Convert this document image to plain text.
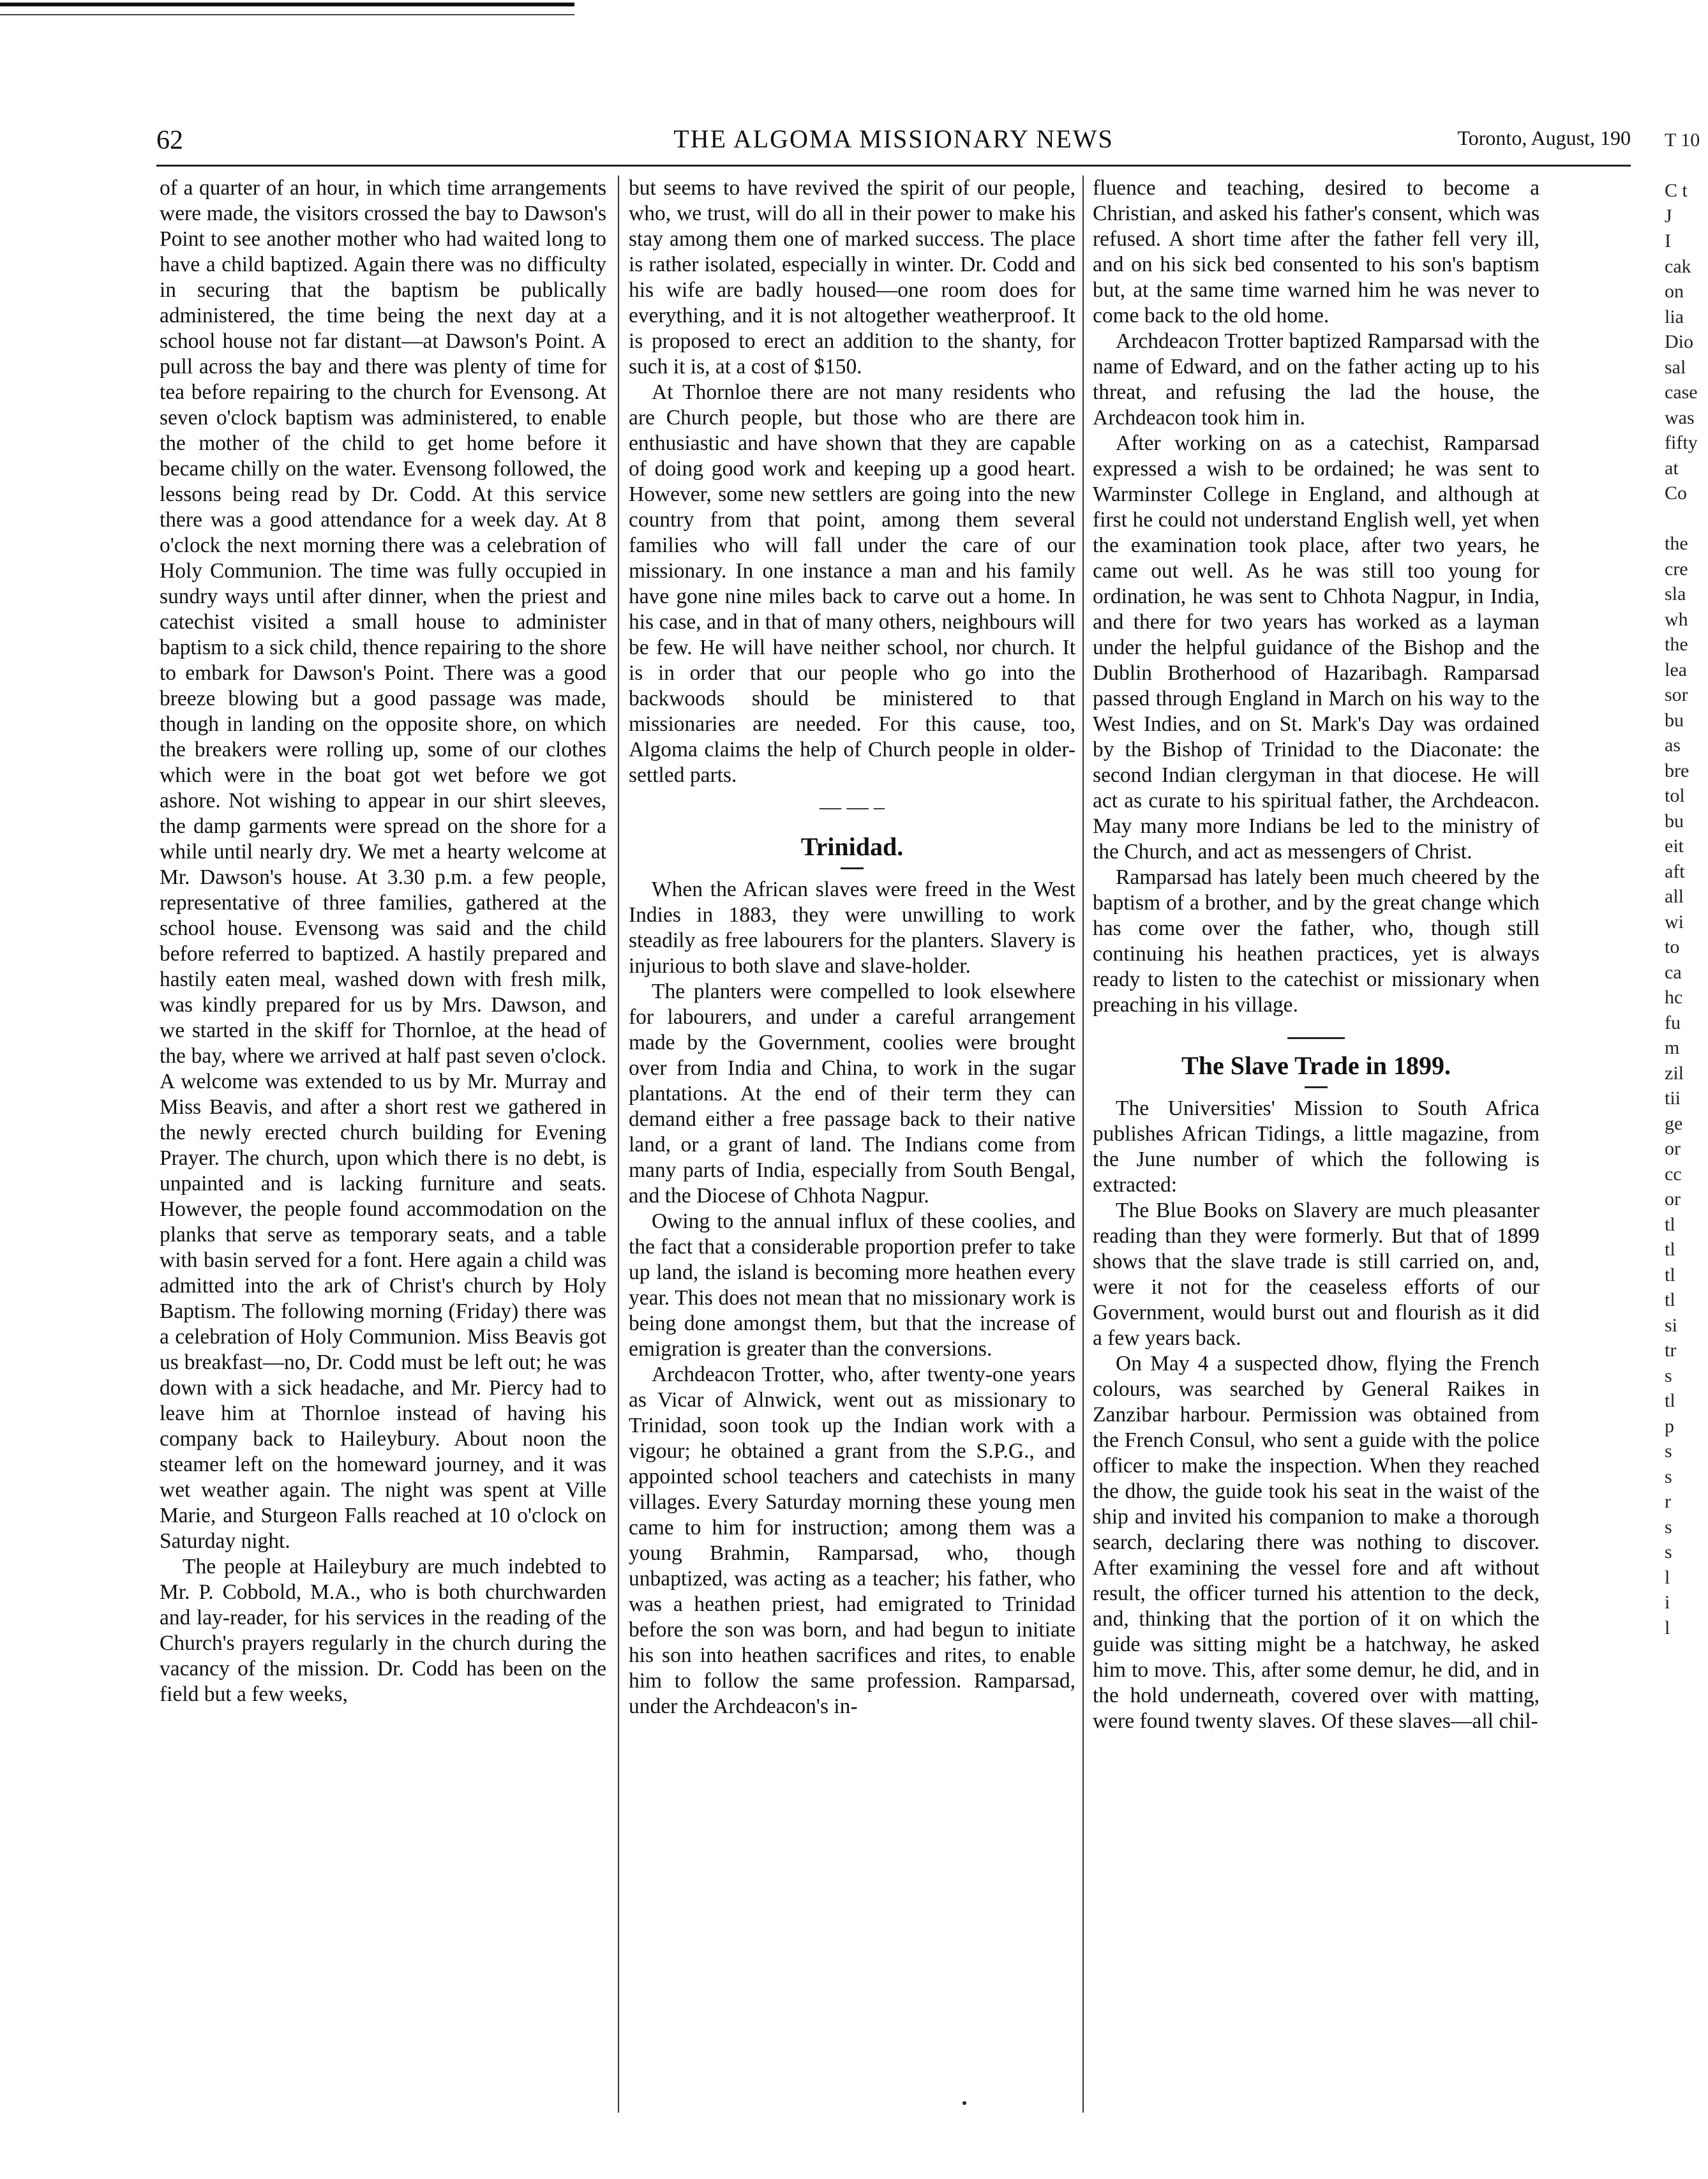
62	THE ALGOMA MISSIONARY NEWS	Toronto, August, 190

of a quarter of an hour, in which time arrangements were made, the visitors crossed the bay to Dawson's Point to see another mother who had waited long to have a child baptized. Again there was no difficulty in securing that the baptism be publically administered, the time being the next day at a school house not far distant—at Dawson's Point. A pull across the bay and there was plenty of time for tea before repairing to the church for Evensong. At seven o'clock baptism was administered, to enable the mother of the child to get home before it became chilly on the water. Evensong followed, the lessons being read by Dr. Codd. At this service there was a good attendance for a week day. At 8 o'clock the next morning there was a celebration of Holy Communion. The time was fully occupied in sundry ways until after dinner, when the priest and catechist visited a small house to administer baptism to a sick child, thence repairing to the shore to embark for Dawson's Point. There was a good breeze blowing but a good passage was made, though in landing on the opposite shore, on which the breakers were rolling up, some of our clothes which were in the boat got wet before we got ashore. Not wishing to appear in our shirt sleeves, the damp garments were spread on the shore for a while until nearly dry. We met a hearty welcome at Mr. Dawson's house. At 3.30 p.m. a few people, representative of three families, gathered at the school house. Evensong was said and the child before referred to baptized. A hastily prepared and hastily eaten meal, washed down with fresh milk, was kindly prepared for us by Mrs. Dawson, and we started in the skiff for Thornloe, at the head of the bay, where we arrived at half past seven o'clock. A welcome was extended to us by Mr. Murray and Miss Beavis, and after a short rest we gathered in the newly erected church building for Evening Prayer. The church, upon which there is no debt, is unpainted and is lacking furniture and seats. However, the people found accommodation on the planks that serve as temporary seats, and a table with basin served for a font. Here again a child was admitted into the ark of Christ's church by Holy Baptism. The following morning (Friday) there was a celebration of Holy Communion. Miss Beavis got us breakfast—no, Dr. Codd must be left out; he was down with a sick headache, and Mr. Piercy had to leave him at Thornloe instead of having his company back to Haileybury. About noon the steamer left on the homeward journey, and it was wet weather again. The night was spent at Ville Marie, and Sturgeon Falls reached at 10 o'clock on Saturday night.

The people at Haileybury are much indebted to Mr. P. Cobbold, M.A., who is both churchwarden and lay-reader, for his services in the reading of the Church's prayers regularly in the church during the vacancy of the mission. Dr. Codd has been on the field but a few weeks,

but seems to have revived the spirit of our people, who, we trust, will do all in their power to make his stay among them one of marked success. The place is rather isolated, especially in winter. Dr. Codd and his wife are badly housed—one room does for everything, and it is not altogether weatherproof. It is proposed to erect an addition to the shanty, for such it is, at a cost of $150.

At Thornloe there are not many residents who are Church people, but those who are there are enthusiastic and have shown that they are capable of doing good work and keeping up a good heart. However, some new settlers are going into the new country from that point, among them several families who will fall under the care of our missionary. In one instance a man and his family have gone nine miles back to carve out a home. In his case, and in that of many others, neighbours will be few. He will have neither school, nor church. It is in order that our people who go into the backwoods should be ministered to that missionaries are needed. For this cause, too, Algoma claims the help of Church people in older-settled parts.

— — –
Trinidad.

When the African slaves were freed in the West Indies in 1883, they were unwilling to work steadily as free labourers for the planters. Slavery is injurious to both slave and slave-holder.

The planters were compelled to look elsewhere for labourers, and under a careful arrangement made by the Government, coolies were brought over from India and China, to work in the sugar plantations. At the end of their term they can demand either a free passage back to their native land, or a grant of land. The Indians come from many parts of India, especially from South Bengal, and the Diocese of Chhota Nagpur.

Owing to the annual influx of these coolies, and the fact that a considerable proportion prefer to take up land, the island is becoming more heathen every year. This does not mean that no missionary work is being done amongst them, but that the increase of emigration is greater than the conversions.

Archdeacon Trotter, who, after twenty-one years as Vicar of Alnwick, went out as missionary to Trinidad, soon took up the Indian work with a vigour; he obtained a grant from the S.P.G., and appointed school teachers and catechists in many villages. Every Saturday morning these young men came to him for instruction; among them was a young Brahmin, Ramparsad, who, though unbaptized, was acting as a teacher; his father, who was a heathen priest, had emigrated to Trinidad before the son was born, and had begun to initiate his son into heathen sacrifices and rites, to enable him to follow the same profession. Ramparsad, under the Archdeacon's in-

fluence and teaching, desired to become a Christian, and asked his father's consent, which was refused. A short time after the father fell very ill, and on his sick bed consented to his son's baptism but, at the same time warned him he was never to come back to the old home.

Archdeacon Trotter baptized Ramparsad with the name of Edward, and on the father acting up to his threat, and refusing the lad the house, the Archdeacon took him in.

After working on as a catechist, Ramparsad expressed a wish to be ordained; he was sent to Warminster College in England, and although at first he could not understand English well, yet when the examination took place, after two years, he came out well. As he was still too young for ordination, he was sent to Chhota Nagpur, in India, and there for two years has worked as a layman under the helpful guidance of the Bishop and the Dublin Brotherhood of Hazaribagh. Ramparsad passed through England in March on his way to the West Indies, and on St. Mark's Day was ordained by the Bishop of Trinidad to the Diaconate: the second Indian clergyman in that diocese. He will act as curate to his spiritual father, the Archdeacon. May many more Indians be led to the ministry of the Church, and act as messengers of Christ.

Ramparsad has lately been much cheered by the baptism of a brother, and by the great change which has come over the father, who, though still continuing his heathen practices, yet is always ready to listen to the catechist or missionary when preaching in his village.

The Slave Trade in 1899.

The Universities' Mission to South Africa publishes African Tidings, a little magazine, from the June number of which the following is extracted:

The Blue Books on Slavery are much pleasanter reading than they were formerly. But that of 1899 shows that the slave trade is still carried on, and, were it not for the ceaseless efforts of our Government, would burst out and flourish as it did a few years back.

On May 4 a suspected dhow, flying the French colours, was searched by General Raikes in Zanzibar harbour. Permission was obtained from the French Consul, who sent a guide with the police officer to make the inspection. When they reached the dhow, the guide took his seat in the waist of the ship and invited his companion to make a thorough search, declaring there was nothing to discover. After examining the vessel fore and aft without result, the officer turned his attention to the deck, and, thinking that the portion of it on which the guide was sitting might be a hatchway, he asked him to move. This, after some demur, he did, and in the hold underneath, covered over with matting, were found twenty slaves. Of these slaves—all chil-

T 10
C t
J
I
cak
on
lia
Dio
sal
case
was
fifty
at
Co
the
cre
sla
wh
the
lea
sor
bu
as
bre
tol
bu
eit
aft
all
wi
to
ca
hc
fu
m
zil
tii
ge
or
cc
or
tl
tl
tl
tl
si
tr
s
tl
p
s
s
r
s
s
l
i
l
